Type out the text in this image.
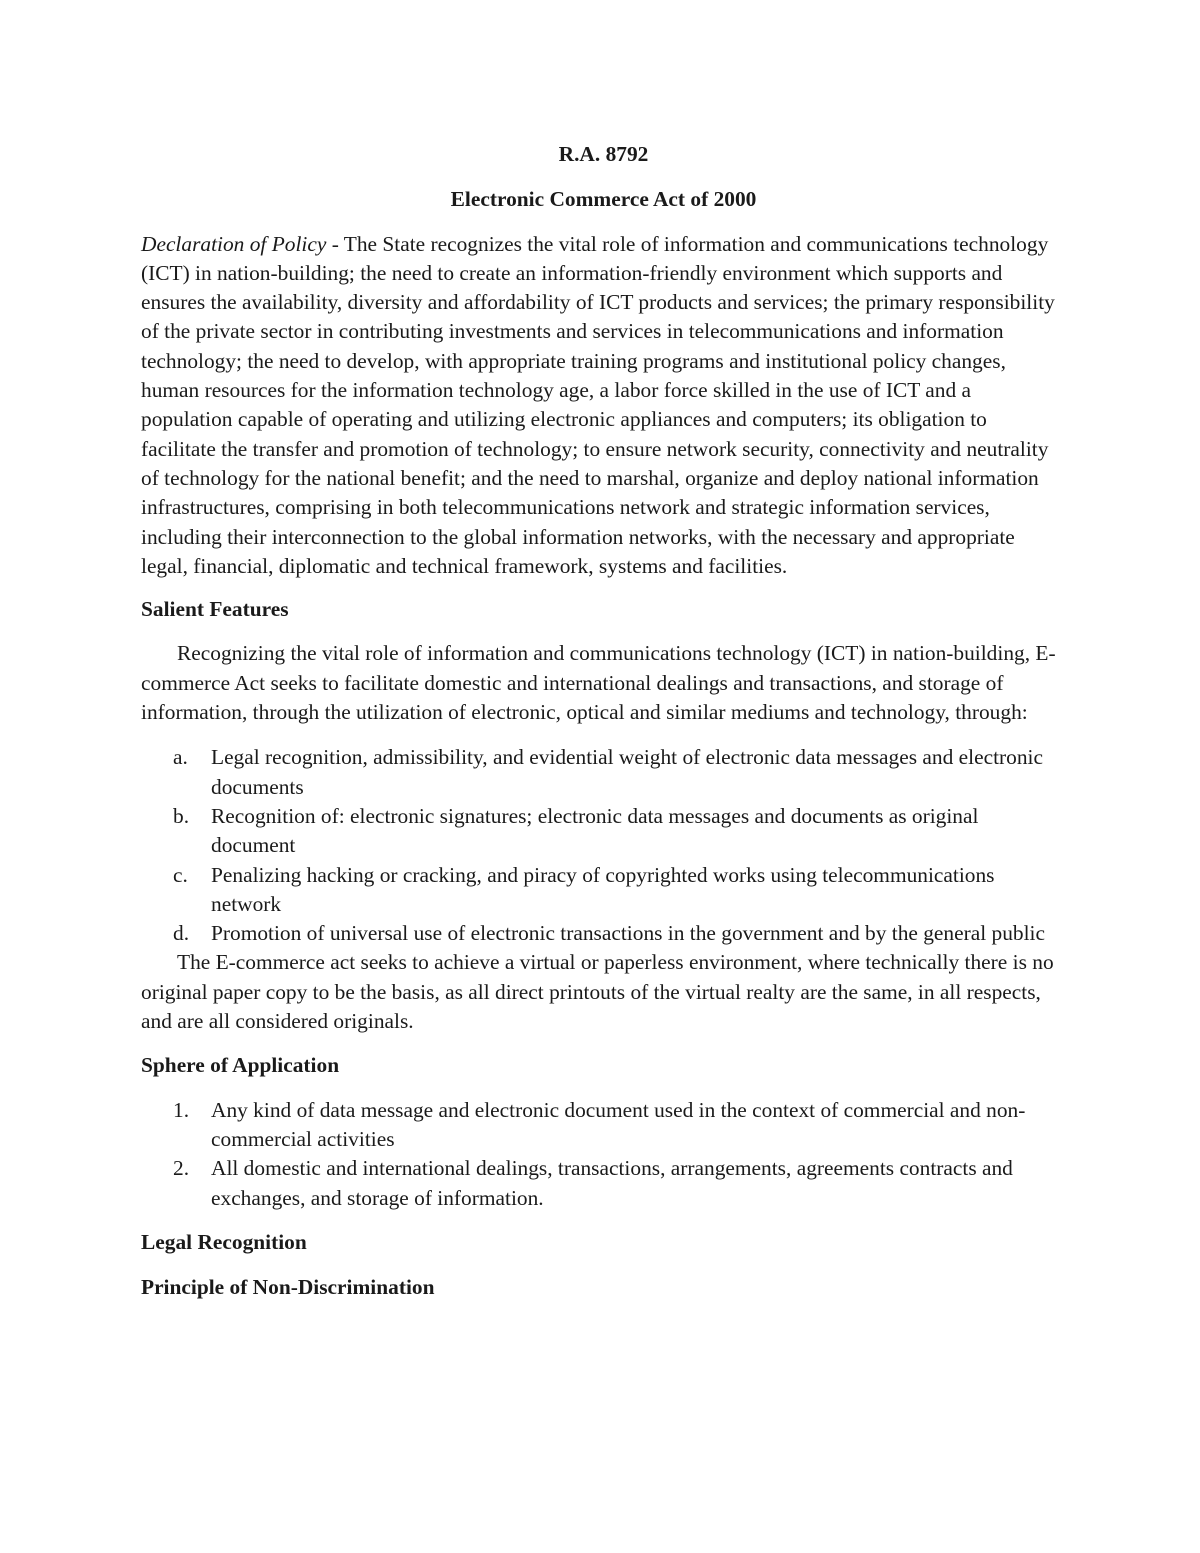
R.A. 8792

Electronic Commerce Act of 2000

Declaration of Policy - The State recognizes the vital role of information and communications technology (ICT) in nation-building; the need to create an information-friendly environment which supports and ensures the availability, diversity and affordability of ICT products and services; the primary responsibility of the private sector in contributing investments and services in telecommunications and information technology; the need to develop, with appropriate training programs and institutional policy changes, human resources for the information technology age, a labor force skilled in the use of ICT and a population capable of operating and utilizing electronic appliances and computers; its obligation to facilitate the transfer and promotion of technology; to ensure network security, connectivity and neutrality of technology for the national benefit; and the need to marshal, organize and deploy national information infrastructures, comprising in both telecommunications network and strategic information services, including their interconnection to the global information networks, with the necessary and appropriate legal, financial, diplomatic and technical framework, systems and facilities.

Salient Features

Recognizing the vital role of information and communications technology (ICT) in nation-building, E-commerce Act seeks to facilitate domestic and international dealings and transactions, and storage of information, through the utilization of electronic, optical and similar mediums and technology, through:

a. Legal recognition, admissibility, and evidential weight of electronic data messages and electronic documents
b. Recognition of: electronic signatures; electronic data messages and documents as original document
c. Penalizing hacking or cracking, and piracy of copyrighted works using telecommunications network
d. Promotion of universal use of electronic transactions in the government and by the general public

The E-commerce act seeks to achieve a virtual or paperless environment, where technically there is no original paper copy to be the basis, as all direct printouts of the virtual realty are the same, in all respects, and are all considered originals.

Sphere of Application
1. Any kind of data message and electronic document used in the context of commercial and non-commercial activities
2. All domestic and international dealings, transactions, arrangements, agreements contracts and exchanges, and storage of information.
Legal Recognition
Principle of Non-Discrimination
